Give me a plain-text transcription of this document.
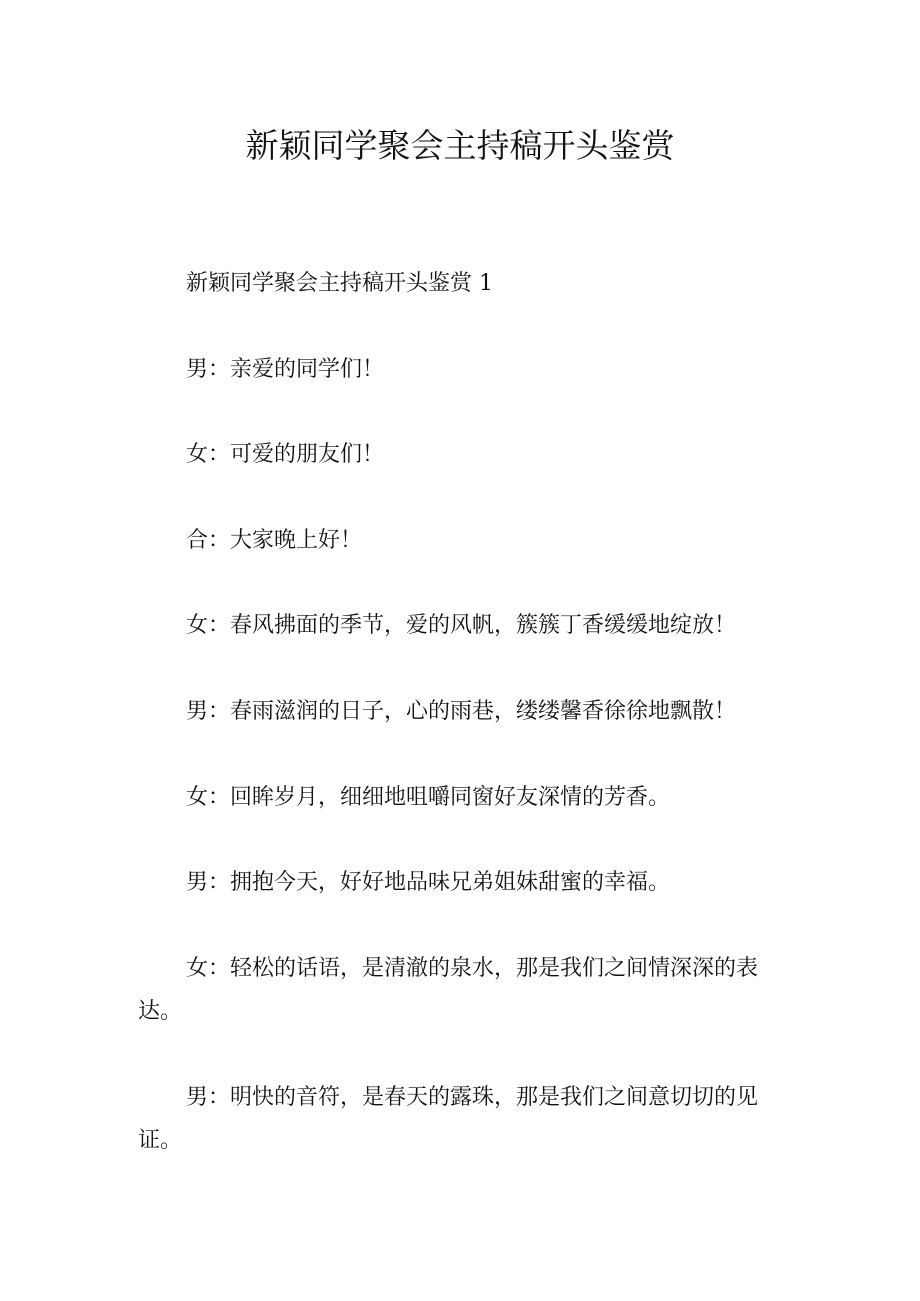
新颖同学聚会主持稿开头鉴赏

新颖同学聚会主持稿开头鉴赏 1

男：亲爱的同学们！

女：可爱的朋友们！

合：大家晚上好！

女：春风拂面的季节，爱的风帆，簇簇丁香缓缓地绽放！

男：春雨滋润的日子，心的雨巷，缕缕馨香徐徐地飘散！

女：回眸岁月，细细地咀嚼同窗好友深情的芳香。

男：拥抱今天，好好地品味兄弟姐妹甜蜜的幸福。

女：轻松的话语，是清澈的泉水，那是我们之间情深深的表达。

男：明快的音符，是春天的露珠，那是我们之间意切切的见证。
